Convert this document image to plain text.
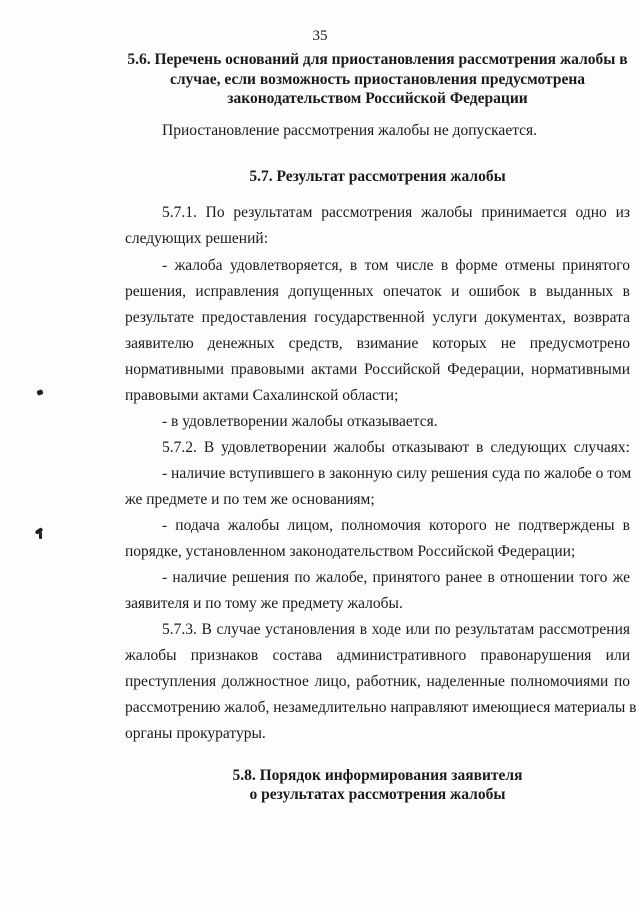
35
5.6. Перечень оснований для приостановления рассмотрения жалобы в
случае, если возможность приостановления предусмотрена
законодательством Российской Федерации
Приостановление рассмотрения жалобы не допускается.
5.7. Результат рассмотрения жалобы
5.7.1. По результатам рассмотрения жалобы принимается одно из
следующих решений:
- жалоба удовлетворяется, в том числе в форме отмены принятого
решения, исправления допущенных опечаток и ошибок в выданных в
результате предоставления государственной услуги документах, возврата
заявителю денежных средств, взимание которых не предусмотрено
нормативными правовыми актами Российской Федерации, нормативными
правовыми актами Сахалинской области;
- в удовлетворении жалобы отказывается.
5.7.2. В удовлетворении жалобы отказывают в следующих случаях:
- наличие вступившего в законную силу решения суда по жалобе о том
же предмете и по тем же основаниям;
- подача жалобы лицом, полномочия которого не подтверждены в
порядке, установленном законодательством Российской Федерации;
- наличие решения по жалобе, принятого ранее в отношении того же
заявителя и по тому же предмету жалобы.
5.7.3. В случае установления в ходе или по результатам рассмотрения
жалобы признаков состава административного правонарушения или
преступления должностное лицо, работник, наделенные полномочиями по
рассмотрению жалоб, незамедлительно направляют имеющиеся материалы в
органы прокуратуры.
5.8. Порядок информирования заявителя
о результатах рассмотрения жалобы
